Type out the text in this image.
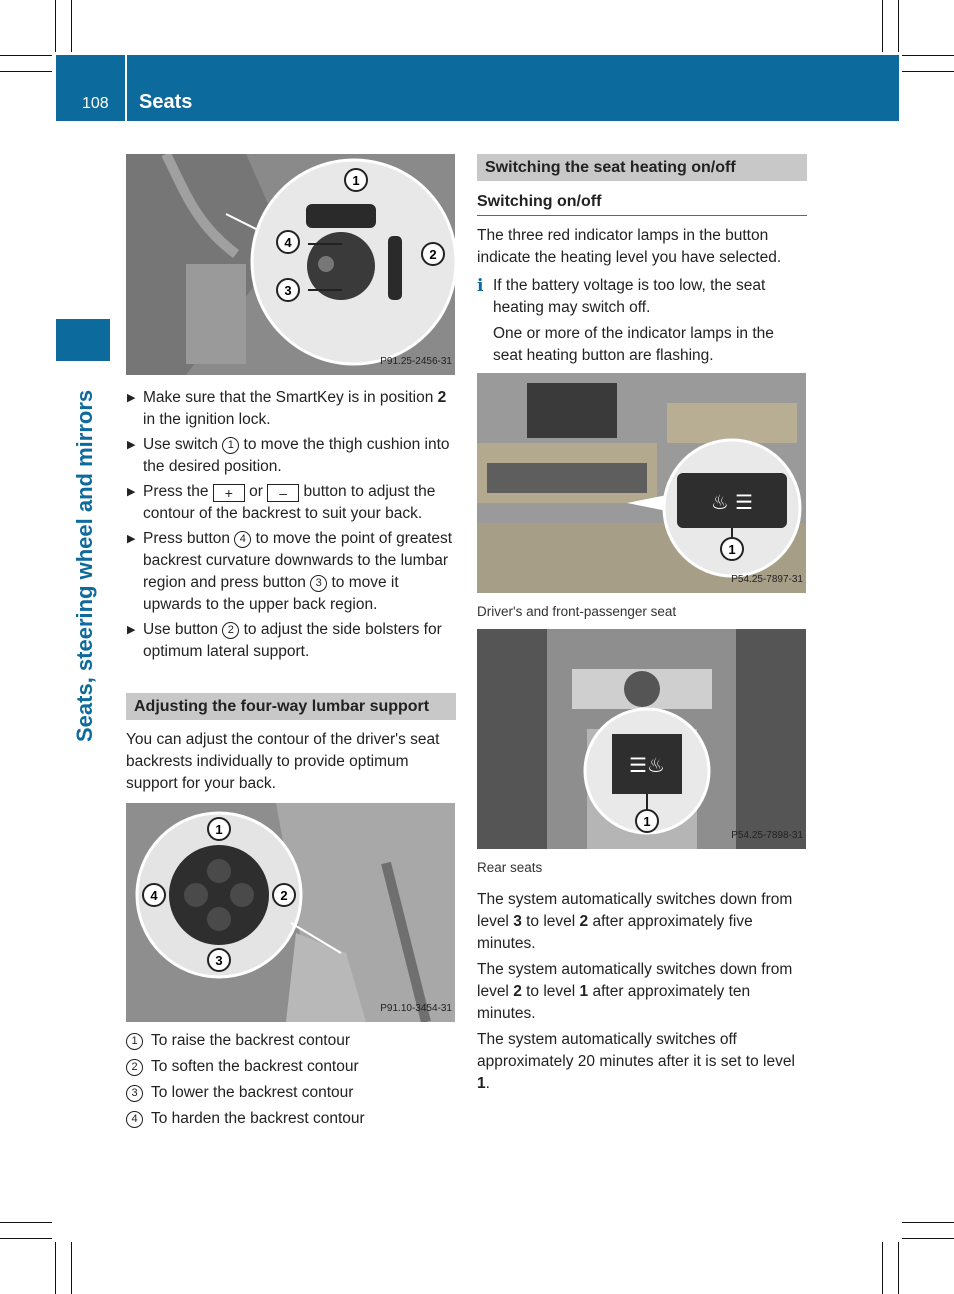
108 Seats
Seats, steering wheel and mirrors
1
2
3
4
P91.25-2456-31
▶ Make sure that the SmartKey is in position 2 in the ignition lock.
▶ Use switch 1 to move the thigh cushion into the desired position.
▶ Press the + or – button to adjust the contour of the backrest to suit your back.
▶ Press button 4 to move the point of greatest backrest curvature downwards to the lumbar region and press button 3 to move it upwards to the upper back region.
▶ Use button 2 to adjust the side bolsters for optimum lateral support.
Adjusting the four-way lumbar support

You can adjust the contour of the driver's seat backrests individually to provide optimum support for your back.

1
2
3
4
P91.10-3454-31
1 To raise the backrest contour
2 To soften the backrest contour
3 To lower the backrest contour
4 To harden the backrest contour
Switching the seat heating on/off
Switching on/off

The three red indicator lamps in the button indicate the heating level you have selected.

i If the battery voltage is too low, the seat heating may switch off.

One or more of the indicator lamps in the seat heating button are flashing.

♨ ☰
1
P54.25-7897-31

Driver's and front-passenger seat

☰♨
1
P54.25-7898-31

Rear seats

The system automatically switches down from level 3 to level 2 after approximately five minutes.

The system automatically switches down from level 2 to level 1 after approximately ten minutes.

The system automatically switches off approximately 20 minutes after it is set to level 1.
